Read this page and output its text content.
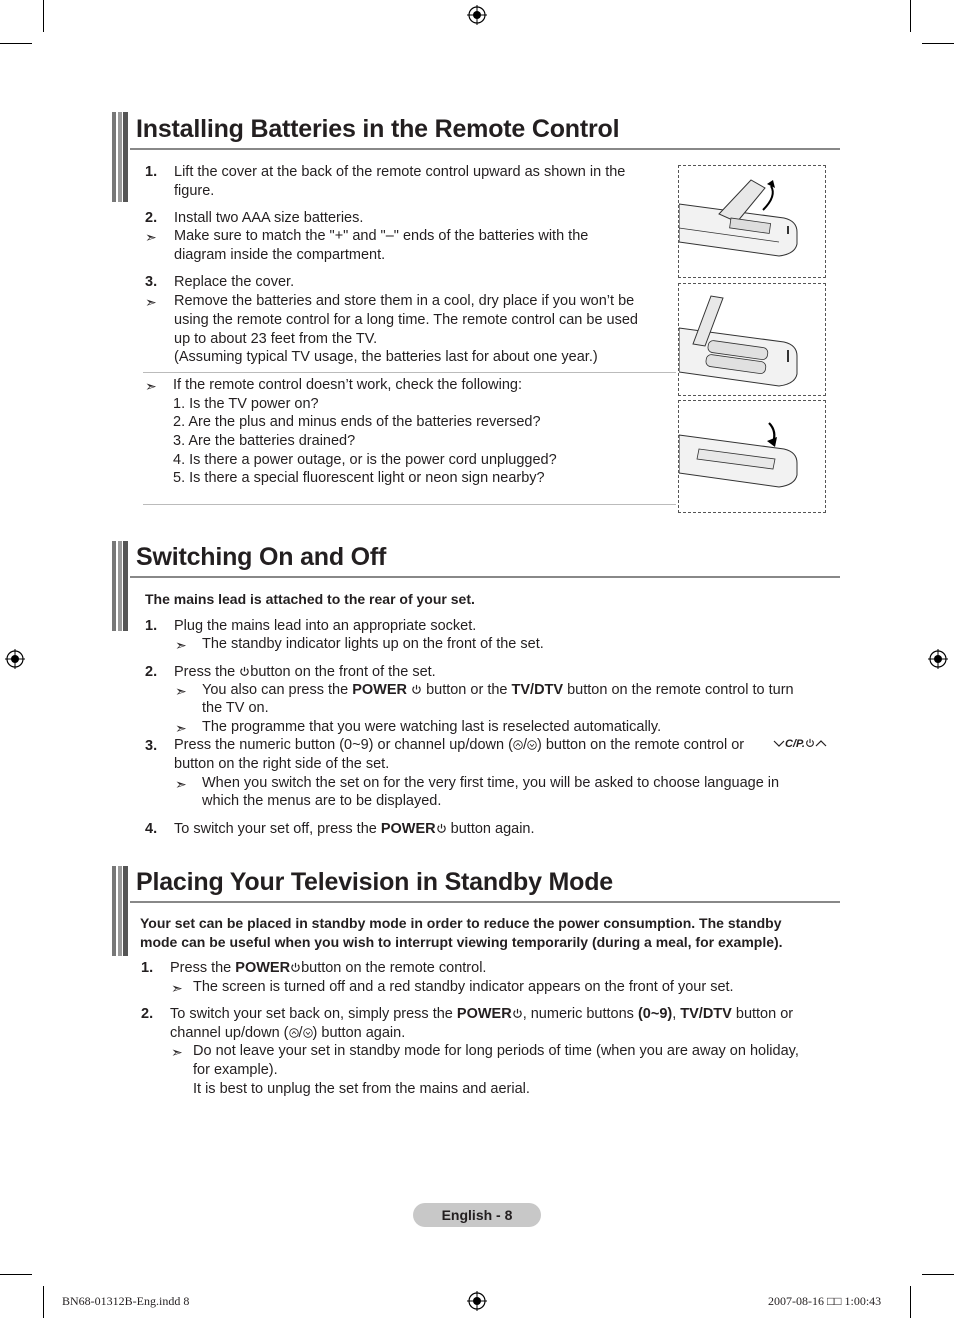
Installing Batteries in the Remote Control
1. Lift the cover at the back of the remote control upward as shown in the
figure.
2. Install two AAA size batteries.
➣ Make sure to match the "+" and "–" ends of the batteries with the
diagram inside the compartment.
3. Replace the cover.
➣ Remove the batteries and store them in a cool, dry place if you won’t be
using the remote control for a long time. The remote control can be used
up to about 23 feet from the TV.
(Assuming typical TV usage, the batteries last for about one year.)
➣ If the remote control doesn’t work, check the following:
1. Is the TV power on?
2. Are the plus and minus ends of the batteries reversed?
3. Are the batteries drained?
4. Is there a power outage, or is the power cord unplugged?
5. Is there a special fluorescent light or neon sign nearby?
Switching On and Off
The mains lead is attached to the rear of your set.
1. Plug the mains lead into an appropriate socket.
➣ The standby indicator lights up on the front of the set.
2. Press the button on the front of the set.
➣ You also can press the POWER button or the TV/DTV button on the remote control to turn
the TV on.
➣ The programme that you were watching last is reselected automatically.
3. Press the numeric button (0~9) or channel up/down ( / ) button on the remote control or	C/P.
button on the right side of the set.
➣ When you switch the set on for the very first time, you will be asked to choose language in
which the menus are to be displayed.
4. To switch your set off, press the POWER button again.
Placing Your Television in Standby Mode
Your set can be placed in standby mode in order to reduce the power consumption. The standby
mode can be useful when you wish to interrupt viewing temporarily (during a meal, for example).
1. Press the POWER button on the remote control.
➣ The screen is turned off and a red standby indicator appears on the front of your set.
2. To switch your set back on, simply press the POWER , numeric buttons (0~9), TV/DTV button or
channel up/down ( / ) button again.
➣ Do not leave your set in standby mode for long periods of time (when you are away on holiday,
for example).
It is best to unplug the set from the mains and aerial.
English - 8
BN68-01312B-Eng.indd 8	2007-08-16 □□ 1:00:43
